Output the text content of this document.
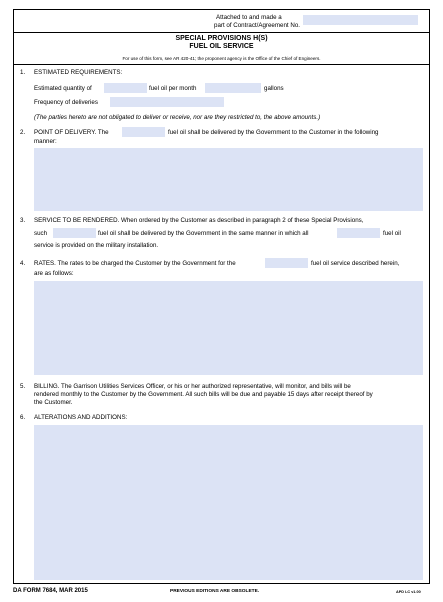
Attached to and made a
part of Contract/Agreement No.
SPECIAL PROVISIONS H(S)
FUEL OIL SERVICE
For use of this form, see AR 420-41; the proponent agency is the Office of the Chief of Engineers.
1. ESTIMATED REQUIREMENTS:
Estimated quantity of	fuel oil per month	gallons
Frequency of deliveries
(The parties hereto are not obligated to deliver or receive, nor are they restricted to, the above amounts.)
2. POINT OF DELIVERY. The	fuel oil shall be delivered by the Government to the Customer in the following
manner:
3. SERVICE TO BE RENDERED. When ordered by the Customer as described in paragraph 2 of these Special Provisions,
such	fuel oil shall be delivered by the Government in the same manner in which all	fuel oil
service is provided on the military installation.
4. RATES. The rates to be charged the Customer by the Government for the	fuel oil service described herein,
are as follows:
5. BILLING. The Garrison Utilities Services Officer, or his or her authorized representative, will monitor, and bills will be
rendered monthly to the Customer by the Government. All such bills will be due and payable 15 days after receipt thereof by
the Customer.
6. ALTERATIONS AND ADDITIONS:
DA FORM 7684, MAR 2015	PREVIOUS EDITIONS ARE OBSOLETE.	APD LC v1.00
